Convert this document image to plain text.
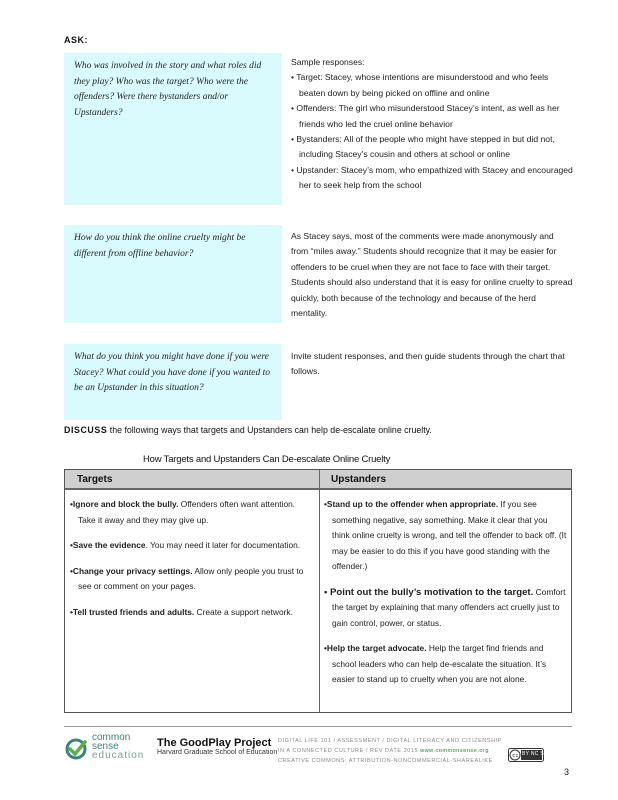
ASK:
Who was involved in the story and what roles did they play? Who was the target? Who were the offenders? Were there bystanders and/or Upstanders?
Sample responses:
• Target: Stacey, whose intentions are misunderstood and who feels beaten down by being picked on offline and online
• Offenders: The girl who misunderstood Stacey’s intent, as well as her friends who led the cruel online behavior
• Bystanders: All of the people who might have stepped in but did not, including Stacey’s cousin and others at school or online
• Upstander: Stacey’s mom, who empathized with Stacey and encouraged her to seek help from the school
How do you think the online cruelty might be different from offline behavior?
As Stacey says, most of the comments were made anonymously and from “miles away.” Students should recognize that it may be easier for offenders to be cruel when they are not face to face with their target. Students should also understand that it is easy for online cruelty to spread quickly, both because of the technology and because of the herd mentality.
What do you think you might have done if you were Stacey? What could you have done if you wanted to be an Upstander in this situation?
Invite student responses, and then guide students through the chart that follows.
DISCUSS the following ways that targets and Upstanders can help de-escalate online cruelty.
How Targets and Upstanders Can De-escalate Online Cruelty
Targets	Upstanders

•Ignore and block the bully. Offenders often want attention. Take it away and they may give up.

•Save the evidence. You may need it later for documentation.

•Change your privacy settings. Allow only people you trust to see or comment on your pages.

•Tell trusted friends and adults. Create a support network.

•Stand up to the offender when appropriate. If you see something negative, say something. Make it clear that you think online cruelty is wrong, and tell the offender to back off. (It may be easier to do this if you have good standing with the offender.)

• Point out the bully’s motivation to the target. Comfort the target by explaining that many offenders act cruelly just to gain control, power, or status.

•Help the target advocate. Help the target find friends and school leaders who can help de-escalate the situation. It’s easier to stand up to cruelty when you are not alone.

common
sense
education
The GoodPlay Project
Harvard Graduate School of Education
DIGITAL LIFE 101 / ASSESSMENT / DIGITAL LITERACY AND CITIZENSHIP IN A CONNECTED CULTURE / REV DATE 2015 www.commonsense.org
CREATIVE COMMONS: ATTRIBUTION-NONCOMMERCIAL-SHAREALIKE
cc BY NC SA
3
